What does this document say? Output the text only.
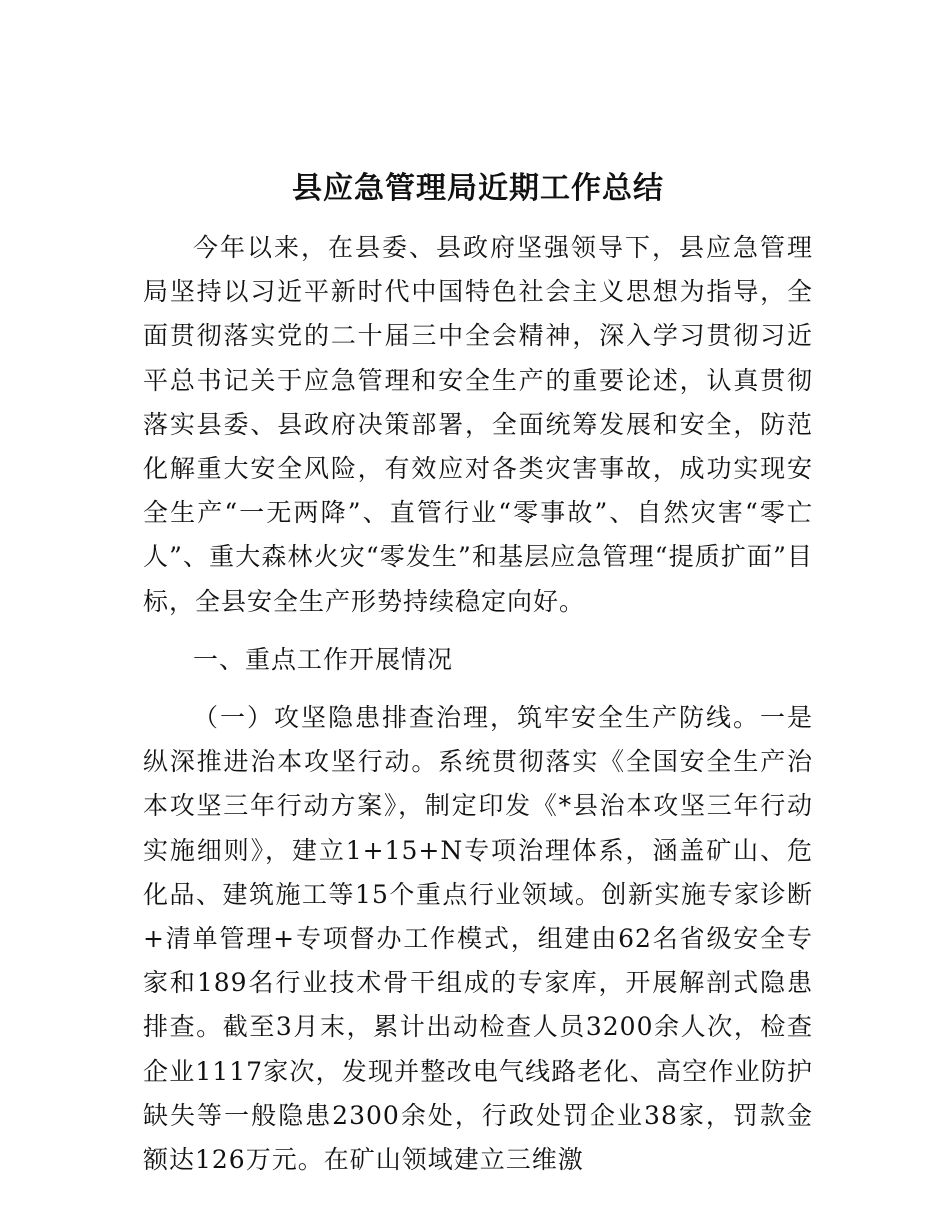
县应急管理局近期工作总结

今年以来，在县委、县政府坚强领导下，县应急管理局坚持以习近平新时代中国特色社会主义思想为指导，全面贯彻落实党的二十届三中全会精神，深入学习贯彻习近平总书记关于应急管理和安全生产的重要论述，认真贯彻落实县委、县政府决策部署，全面统筹发展和安全，防范化解重大安全风险，有效应对各类灾害事故，成功实现安全生产“一无两降”、直管行业“零事故”、自然灾害“零亡人”、重大森林火灾“零发生”和基层应急管理“提质扩面”目标，全县安全生产形势持续稳定向好。

一、重点工作开展情况

（一）攻坚隐患排查治理，筑牢安全生产防线。一是纵深推进治本攻坚行动。系统贯彻落实《全国安全生产治本攻坚三年行动方案》，制定印发《*县治本攻坚三年行动实施细则》，建立1+15+N专项治理体系，涵盖矿山、危化品、建筑施工等15个重点行业领域。创新实施专家诊断+清单管理+专项督办工作模式，组建由62名省级安全专家和189名行业技术骨干组成的专家库，开展解剖式隐患排查。截至3月末，累计出动检查人员3200余人次，检查企业1117家次，发现并整改电气线路老化、高空作业防护缺失等一般隐患2300余处，行政处罚企业38家，罚款金额达126万元。在矿山领域建立三维激
